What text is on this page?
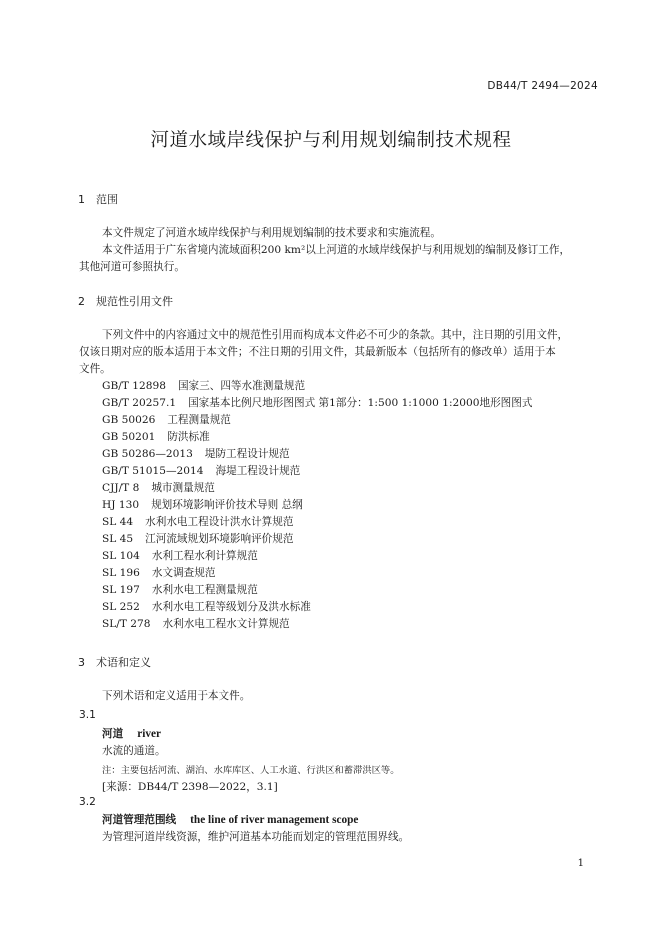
DB44/T 2494—2024
河道水域岸线保护与利用规划编制技术规程
1 范围
本文件规定了河道水域岸线保护与利用规划编制的技术要求和实施流程。
本文件适用于广东省境内流域面积200 km²以上河道的水域岸线保护与利用规划的编制及修订工作，
其他河道可参照执行。
2 规范性引用文件
下列文件中的内容通过文中的规范性引用而构成本文件必不可少的条款。其中，注日期的引用文件，
仅该日期对应的版本适用于本文件；不注日期的引用文件，其最新版本（包括所有的修改单）适用于本
文件。
GB/T 12898 国家三、四等水准测量规范
GB/T 20257.1 国家基本比例尺地形图图式 第1部分：1:500 1:1000 1:2000地形图图式
GB 50026 工程测量规范
GB 50201 防洪标准
GB 50286—2013 堤防工程设计规范
GB/T 51015—2014 海堤工程设计规范
CJJ/T 8 城市测量规范
HJ 130 规划环境影响评价技术导则 总纲
SL 44 水利水电工程设计洪水计算规范
SL 45 江河流域规划环境影响评价规范
SL 104 水利工程水利计算规范
SL 196 水文调查规范
SL 197 水利水电工程测量规范
SL 252 水利水电工程等级划分及洪水标准
SL/T 278 水利水电工程水文计算规范
3 术语和定义
下列术语和定义适用于本文件。
3.1
河道 river
水流的通道。
注：主要包括河流、湖泊、水库库区、人工水道、行洪区和蓄滞洪区等。
[来源：DB44/T 2398—2022，3.1]
3.2
河道管理范围线 the line of river management scope
为管理河道岸线资源，维护河道基本功能而划定的管理范围界线。
1
